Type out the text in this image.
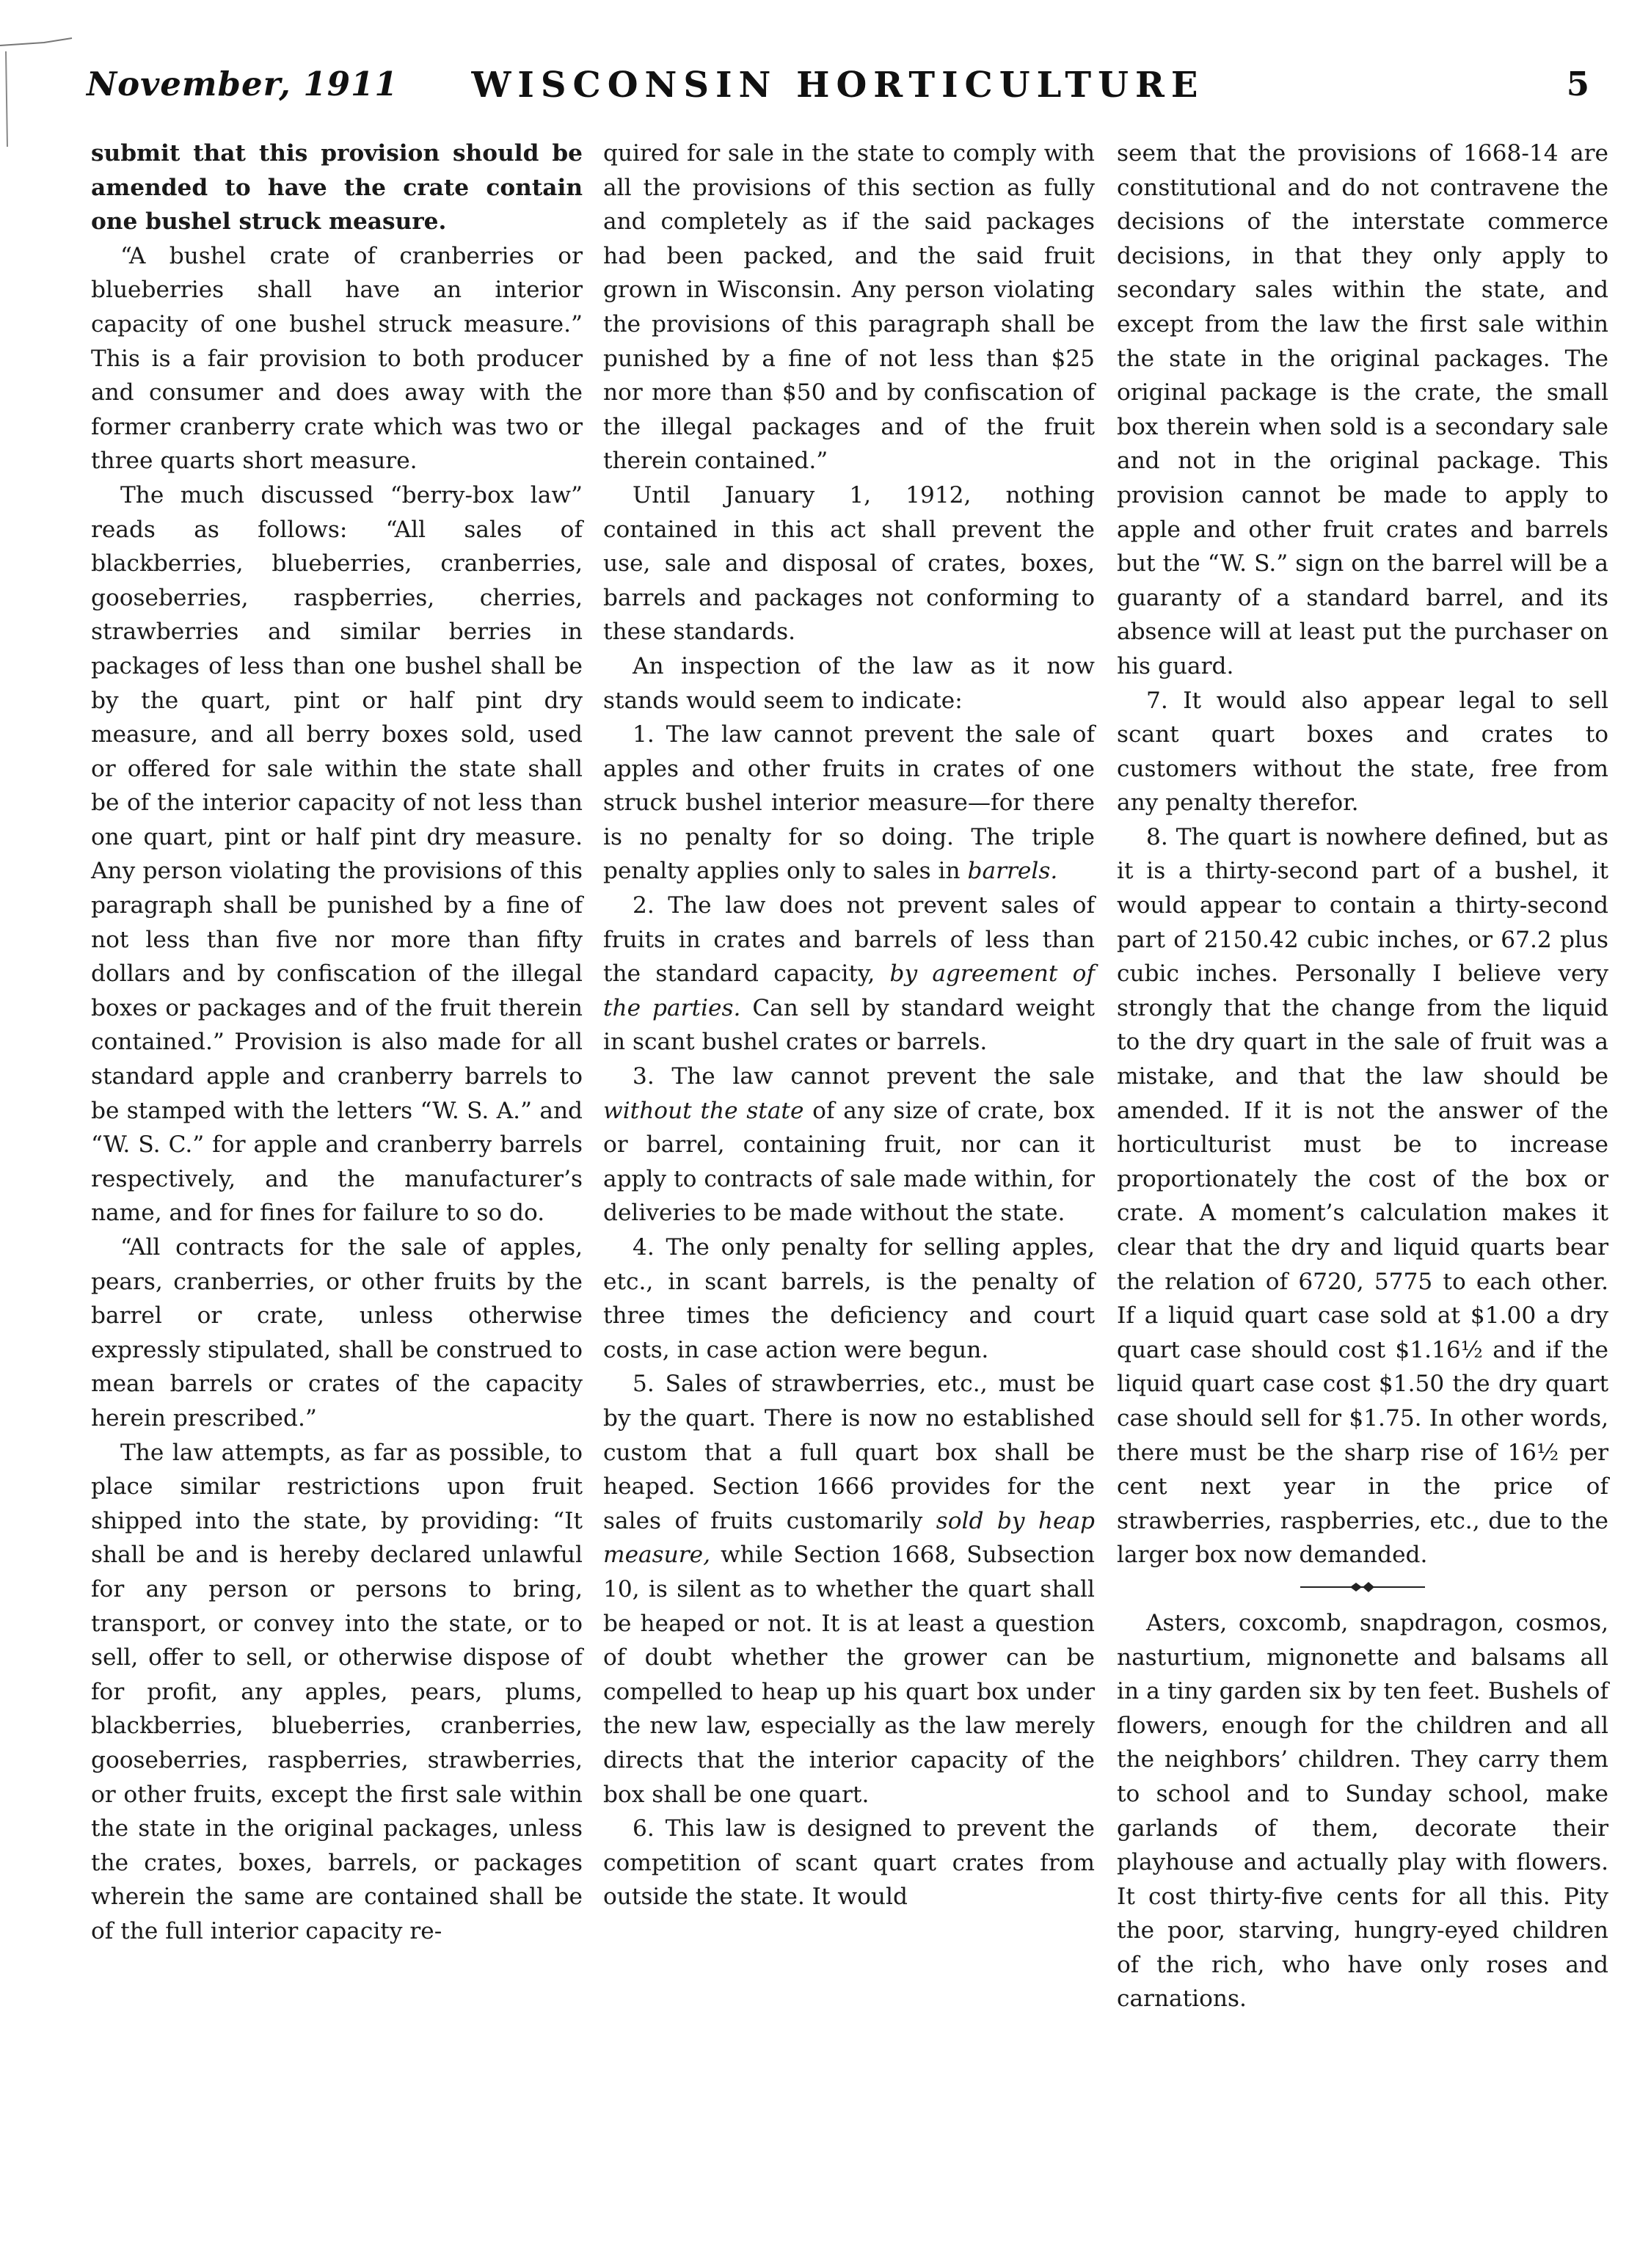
November, 1911	WISCONSIN HORTICULTURE	5

submit that this provision should be amended to have the crate contain one bushel struck measure.

“A bushel crate of cranberries or blueberries shall have an interior capacity of one bushel struck measure.” This is a fair provision to both producer and consumer and does away with the former cranberry crate which was two or three quarts short measure.

The much discussed “berry-box law” reads as follows: “All sales of blackberries, blueberries, cranberries, gooseberries, raspberries, cherries, strawberries and similar berries in packages of less than one bushel shall be by the quart, pint or half pint dry measure, and all berry boxes sold, used or offered for sale within the state shall be of the interior capacity of not less than one quart, pint or half pint dry measure. Any person violating the provisions of this paragraph shall be punished by a fine of not less than five nor more than fifty dollars and by confiscation of the illegal boxes or packages and of the fruit therein contained.” Provision is also made for all standard apple and cranberry barrels to be stamped with the letters “W. S. A.” and “W. S. C.” for apple and cranberry barrels respectively, and the manufacturer’s name, and for fines for failure to so do.

“All contracts for the sale of apples, pears, cranberries, or other fruits by the barrel or crate, unless otherwise expressly stipulated, shall be construed to mean barrels or crates of the capacity herein prescribed.”

The law attempts, as far as possible, to place similar restrictions upon fruit shipped into the state, by providing: “It shall be and is hereby declared unlawful for any person or persons to bring, transport, or convey into the state, or to sell, offer to sell, or otherwise dispose of for profit, any apples, pears, plums, blackberries, blueberries, cranberries, gooseberries, raspberries, strawberries, or other fruits, except the first sale within the state in the original packages, unless the crates, boxes, barrels, or packages wherein the same are contained shall be of the full interior capacity re-

quired for sale in the state to comply with all the provisions of this section as fully and completely as if the said packages had been packed, and the said fruit grown in Wisconsin. Any person violating the provisions of this paragraph shall be punished by a fine of not less than $25 nor more than $50 and by confiscation of the illegal packages and of the fruit therein contained.”

Until January 1, 1912, nothing contained in this act shall prevent the use, sale and disposal of crates, boxes, barrels and packages not conforming to these standards.

An inspection of the law as it now stands would seem to indicate:

1. The law cannot prevent the sale of apples and other fruits in crates of one struck bushel interior measure—for there is no penalty for so doing. The triple penalty applies only to sales in barrels.

2. The law does not prevent sales of fruits in crates and barrels of less than the standard capacity, by agreement of the parties. Can sell by standard weight in scant bushel crates or barrels.

3. The law cannot prevent the sale without the state of any size of crate, box or barrel, containing fruit, nor can it apply to contracts of sale made within, for deliveries to be made without the state.

4. The only penalty for selling apples, etc., in scant barrels, is the penalty of three times the deficiency and court costs, in case action were begun.

5. Sales of strawberries, etc., must be by the quart. There is now no established custom that a full quart box shall be heaped. Section 1666 provides for the sales of fruits customarily sold by heap measure, while Section 1668, Subsection 10, is silent as to whether the quart shall be heaped or not. It is at least a question of doubt whether the grower can be compelled to heap up his quart box under the new law, especially as the law merely directs that the interior capacity of the box shall be one quart.

6. This law is designed to prevent the competition of scant quart crates from outside the state. It would

seem that the provisions of 1668-14 are constitutional and do not contravene the decisions of the interstate commerce decisions, in that they only apply to secondary sales within the state, and except from the law the first sale within the state in the original packages. The original package is the crate, the small box therein when sold is a secondary sale and not in the original package. This provision cannot be made to apply to apple and other fruit crates and barrels but the “W. S.” sign on the barrel will be a guaranty of a standard barrel, and its absence will at least put the purchaser on his guard.

7. It would also appear legal to sell scant quart boxes and crates to customers without the state, free from any penalty therefor.

8. The quart is nowhere defined, but as it is a thirty-second part of a bushel, it would appear to contain a thirty-second part of 2150.42 cubic inches, or 67.2 plus cubic inches. Personally I believe very strongly that the change from the liquid to the dry quart in the sale of fruit was a mistake, and that the law should be amended. If it is not the answer of the horticulturist must be to increase proportionately the cost of the box or crate. A moment’s calculation makes it clear that the dry and liquid quarts bear the relation of 6720, 5775 to each other. If a liquid quart case sold at $1.00 a dry quart case should cost $1.16½ and if the liquid quart case cost $1.50 the dry quart case should sell for $1.75. In other words, there must be the sharp rise of 16½ per cent next year in the price of strawberries, raspberries, etc., due to the larger box now demanded.

Asters, coxcomb, snapdragon, cosmos, nasturtium, mignonette and balsams all in a tiny garden six by ten feet. Bushels of flowers, enough for the children and all the neighbors’ children. They carry them to school and to Sunday school, make garlands of them, decorate their playhouse and actually play with flowers. It cost thirty-five cents for all this. Pity the poor, starving, hungry-eyed children of the rich, who have only roses and carnations.
